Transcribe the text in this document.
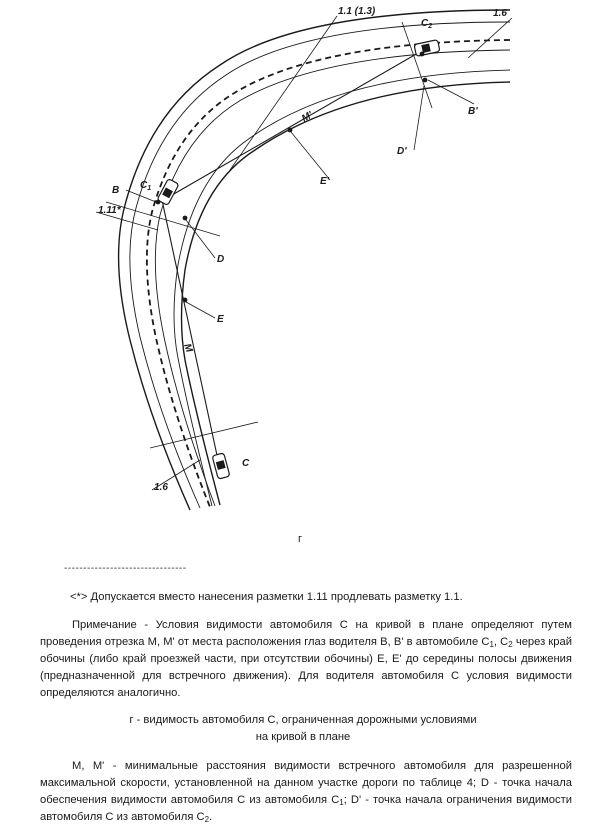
1.1 (1.3)
$C_2$
1.6
M'	B'
D'
E'
B $C_1$
1.11*
D
E
M
C
1.6
г
--------------------------------
<*> Допускается вместо нанесения разметки 1.11 продлевать разметку 1.1.

Примечание - Условия видимости автомобиля C на кривой в плане определяют путем проведения отрезка M, M' от места расположения глаз водителя B, B' в автомобиле $C_1$, $C_2$ через край обочины (либо край проезжей части, при отсутствии обочины) E, E' до середины полосы движения (предназначенной для встречного движения). Для водителя автомобиля C условия видимости определяются аналогично.

г - видимость автомобиля C, ограниченная дорожными условиями
на кривой в плане

M, M' - минимальные расстояния видимости встречного автомобиля для разрешенной максимальной скорости, установленной на данном участке дороги по таблице 4; D - точка начала обеспечения видимости автомобиля C из автомобиля $C_1$; D' - точка начала ограничения видимости автомобиля C из автомобиля $C_2$.
